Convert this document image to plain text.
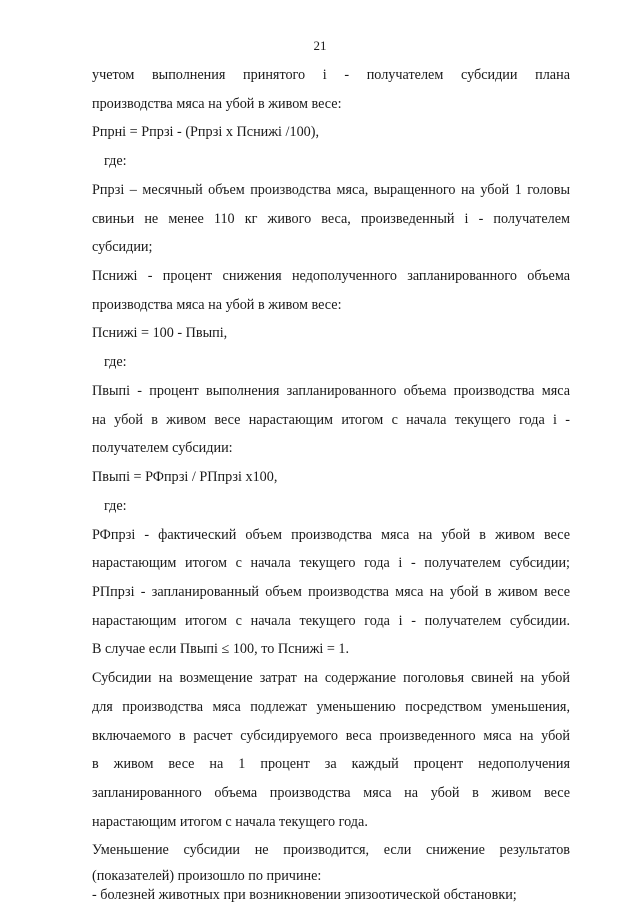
21
учетом выполнения принятого i - получателем субсидии плана
производства мяса на убой в живом весе:
Рпрнi = Рпрзi - (Рпрзi х Пснижi /100),
где:
Рпрзi – месячный объем производства мяса, выращенного на убой 1 головы
свиньи не менее 110 кг живого веса, произведенный i - получателем
субсидии;
Пснижi - процент снижения недополученного запланированного объема
производства мяса на убой в живом весе:
Пснижi = 100 - Пвыпi,
где:
Пвыпi - процент выполнения запланированного объема производства мяса
на убой в живом весе нарастающим итогом с начала текущего года i -
получателем субсидии:
Пвыпi = РФпрзi / РПпрзi х100,
где:
РФпрзi - фактический объем производства мяса на убой в живом весе
нарастающим итогом с начала текущего года i - получателем субсидии;
РПпрзi - запланированный объем производства мяса на убой в живом весе
нарастающим итогом с начала текущего года i - получателем субсидии.
В случае если Пвыпi ≤ 100, то Пснижi = 1.
Субсидии на возмещение затрат на содержание поголовья свиней на убой
для производства мяса подлежат уменьшению посредством уменьшения,
включаемого в расчет субсидируемого веса произведенного мяса на убой
в живом весе на 1 процент за каждый процент недополучения
запланированного объема производства мяса на убой в живом весе
нарастающим итогом с начала текущего года.
Уменьшение субсидии не производится, если снижение результатов
(показателей) произошло по причине:
- болезней животных при возникновении эпизоотической обстановки;
